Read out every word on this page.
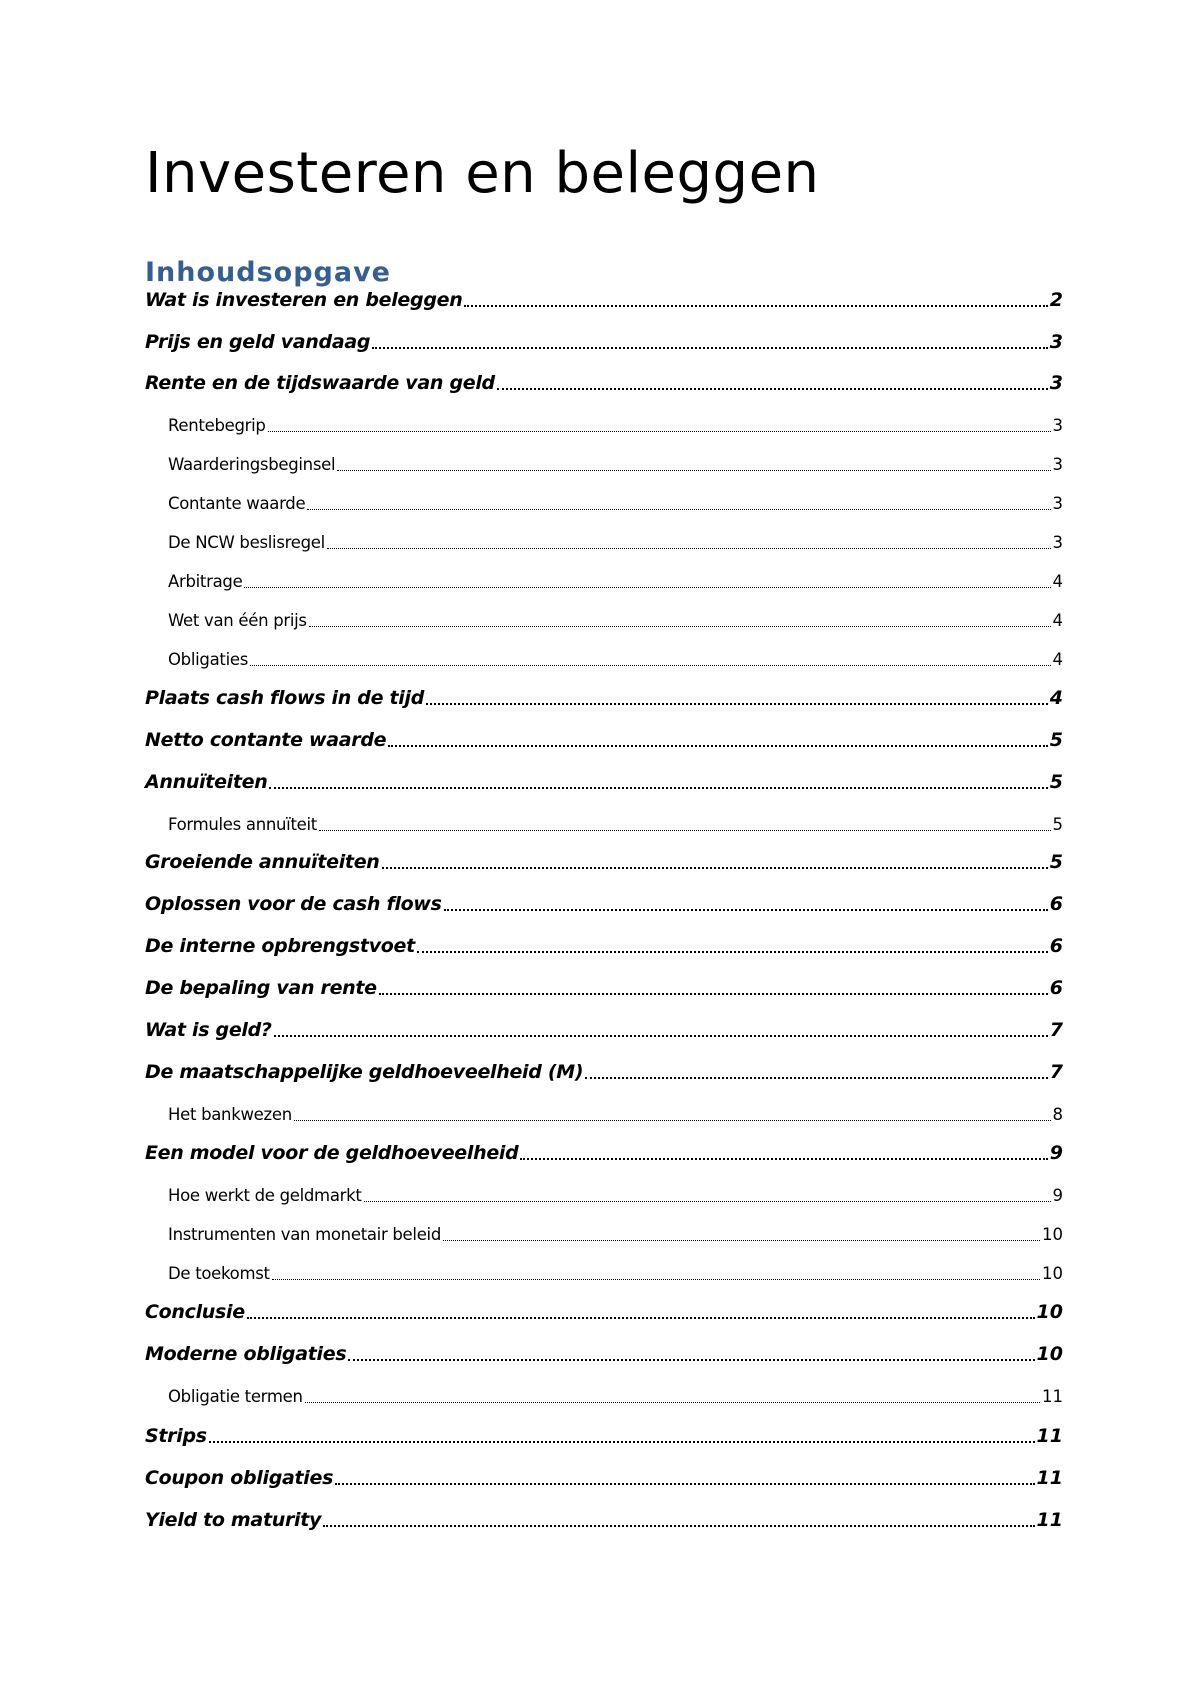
Investeren en beleggen
Inhoudsopgave
Wat is investeren en beleggen	2
Prijs en geld vandaag	3
Rente en de tijdswaarde van geld	3
Rentebegrip	3
Waarderingsbeginsel	3
Contante waarde	3
De NCW beslisregel	3
Arbitrage	4
Wet van één prijs	4
Obligaties	4
Plaats cash flows in de tijd	4
Netto contante waarde	5
Annuïteiten	5
Formules annuïteit	5
Groeiende annuïteiten	5
Oplossen voor de cash flows	6
De interne opbrengstvoet	6
De bepaling van rente	6
Wat is geld?	7
De maatschappelijke geldhoeveelheid (M)	7
Het bankwezen	8
Een model voor de geldhoeveelheid	9
Hoe werkt de geldmarkt	9
Instrumenten van monetair beleid	10
De toekomst	10
Conclusie	10
Moderne obligaties	10
Obligatie termen	11
Strips	11
Coupon obligaties	11
Yield to maturity	11
